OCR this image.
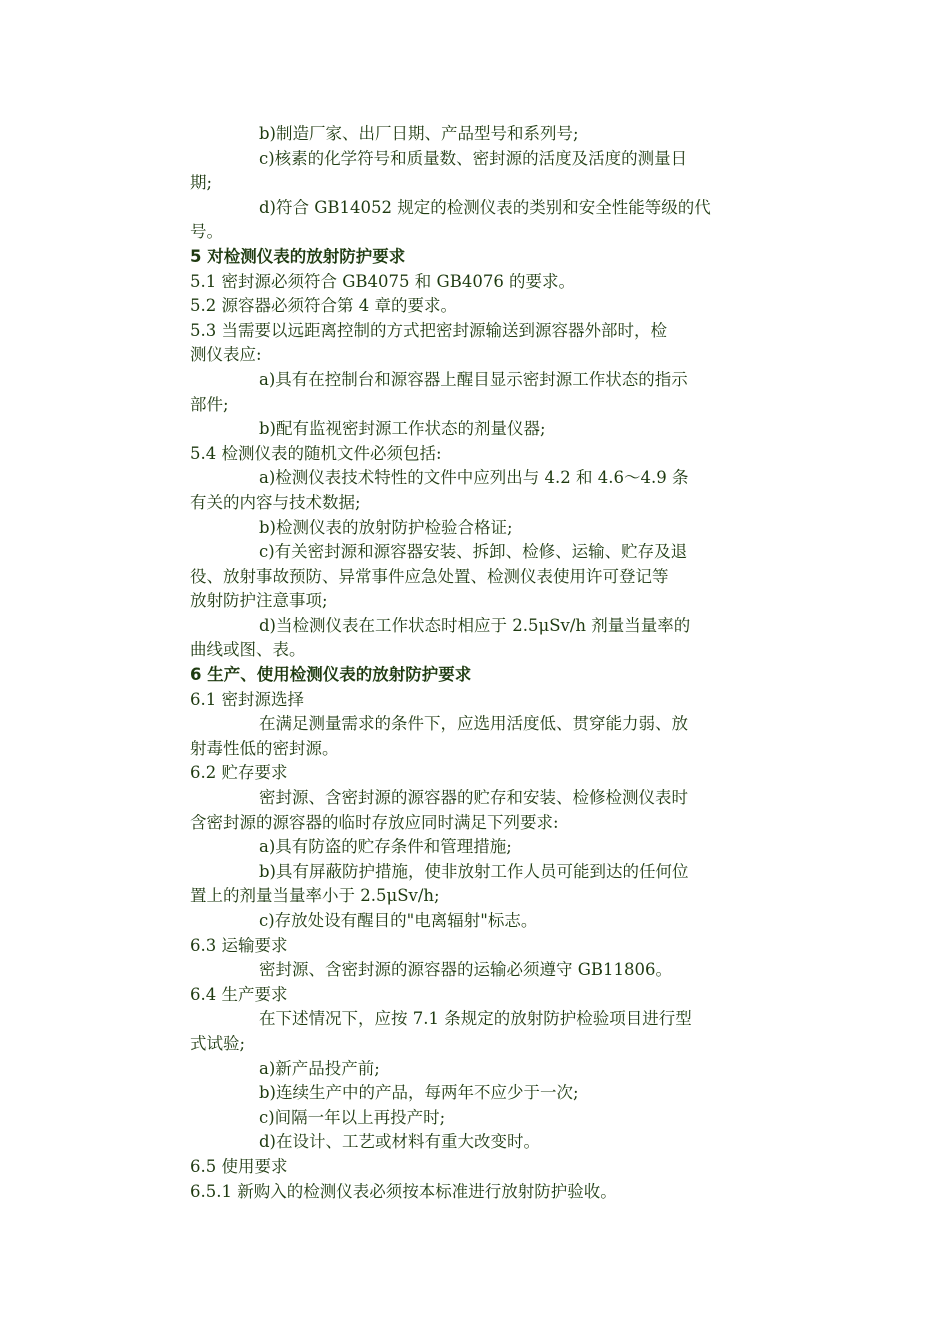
b)制造厂家、出厂日期、产品型号和系列号;
c)核素的化学符号和质量数、密封源的活度及活度的测量日
期;
d)符合 GB14052 规定的检测仪表的类别和安全性能等级的代
号。
5 对检测仪表的放射防护要求
5.1 密封源必须符合 GB4075 和 GB4076 的要求。
5.2 源容器必须符合第 4 章的要求。
5.3 当需要以远距离控制的方式把密封源输送到源容器外部时，检
测仪表应:
a)具有在控制台和源容器上醒目显示密封源工作状态的指示
部件;
b)配有监视密封源工作状态的剂量仪器;
5.4 检测仪表的随机文件必须包括:
a)检测仪表技术特性的文件中应列出与 4.2 和 4.6～4.9 条
有关的内容与技术数据;
b)检测仪表的放射防护检验合格证;
c)有关密封源和源容器安装、拆卸、检修、运输、贮存及退
役、放射事故预防、异常事件应急处置、检测仪表使用许可登记等
放射防护注意事项;
d)当检测仪表在工作状态时相应于 2.5μSv/h 剂量当量率的
曲线或图、表。
6 生产、使用检测仪表的放射防护要求
6.1 密封源选择
在满足测量需求的条件下，应选用活度低、贯穿能力弱、放
射毒性低的密封源。
6.2 贮存要求
密封源、含密封源的源容器的贮存和安装、检修检测仪表时
含密封源的源容器的临时存放应同时满足下列要求:
a)具有防盗的贮存条件和管理措施;
b)具有屏蔽防护措施，使非放射工作人员可能到达的任何位
置上的剂量当量率小于 2.5μSv/h;
c)存放处设有醒目的"电离辐射"标志。
6.3 运输要求
密封源、含密封源的源容器的运输必须遵守 GB11806。
6.4 生产要求
在下述情况下，应按 7.1 条规定的放射防护检验项目进行型
式试验;
a)新产品投产前;
b)连续生产中的产品，每两年不应少于一次;
c)间隔一年以上再投产时;
d)在设计、工艺或材料有重大改变时。
6.5 使用要求
6.5.1 新购入的检测仪表必须按本标准进行放射防护验收。
